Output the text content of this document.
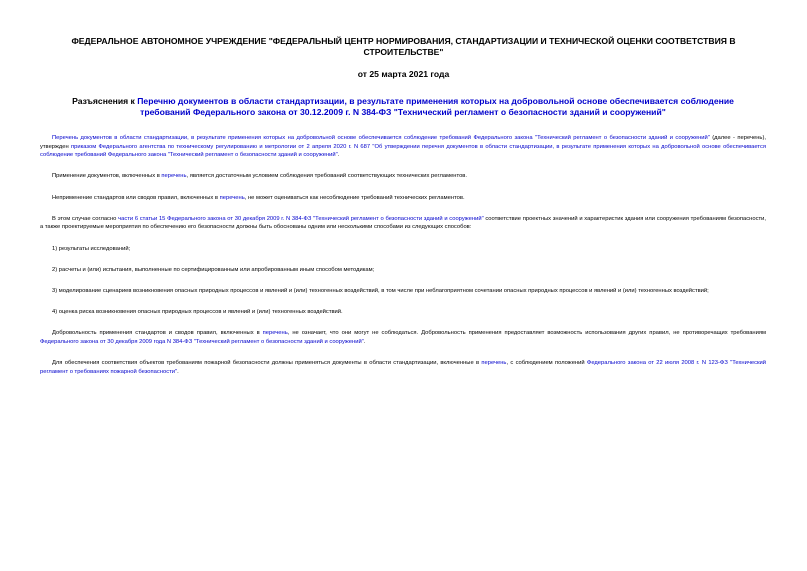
ФЕДЕРАЛЬНОЕ АВТОНОМНОЕ УЧРЕЖДЕНИЕ "ФЕДЕРАЛЬНЫЙ ЦЕНТР НОРМИРОВАНИЯ, СТАНДАРТИЗАЦИИ И ТЕХНИЧЕСКОЙ ОЦЕНКИ СООТВЕТСТВИЯ В СТРОИТЕЛЬСТВЕ"
от 25 марта 2021 года
Разъяснения к Перечню документов в области стандартизации, в результате применения которых на добровольной основе обеспечивается соблюдение требований Федерального закона от 30.12.2009 г. N 384-ФЗ "Технический регламент о безопасности зданий и сооружений"

Перечень документов в области стандартизации, в результате применения которых на добровольной основе обеспечивается соблюдение требований Федерального закона "Технический регламент о безопасности зданий и сооружений" (далее - перечень), утвержден приказом Федерального агентства по техническому регулированию и метрологии от 2 апреля 2020 г. N 687 "Об утверждении перечня документов в области стандартизации, в результате применения которых на добровольной основе обеспечивается соблюдение требований Федерального закона "Технический регламент о безопасности зданий и сооружений".

Применение документов, включенных в перечень, является достаточным условием соблюдения требований соответствующих технических регламентов.

Неприменение стандартов или сводов правил, включенных в перечень, не может оцениваться как несоблюдение требований технических регламентов.

В этом случае согласно части 6 статьи 15 Федерального закона от 30 декабря 2009 г. N 384-ФЗ "Технический регламент о безопасности зданий и сооружений" соответствие проектных значений и характеристик здания или сооружения требованиям безопасности, а также проектируемые мероприятия по обеспечению его безопасности должны быть обоснованы одним или несколькими способами из следующих способов:

1) результаты исследований;

2) расчеты и (или) испытания, выполненные по сертифицированным или апробированным иным способом методикам;

3) моделирование сценариев возникновения опасных природных процессов и явлений и (или) техногенных воздействий, в том числе при неблагоприятном сочетании опасных природных процессов и явлений и (или) техногенных воздействий;

4) оценка риска возникновения опасных природных процессов и явлений и (или) техногенных воздействий.

Добровольность применения стандартов и сводов правил, включенных в перечень, не означает, что они могут не соблюдаться. Добровольность применения предоставляет возможность использования других правил, не противоречащих требованиям Федерального закона от 30 декабря 2009 года N 384-ФЗ "Технический регламент о безопасности зданий и сооружений".

Для обеспечения соответствия объектов требованиям пожарной безопасности должны применяться документы в области стандартизации, включенные в перечень, с соблюдением положений Федерального закона от 22 июля 2008 г. N 123-ФЗ "Технический регламент о требованиях пожарной безопасности".
